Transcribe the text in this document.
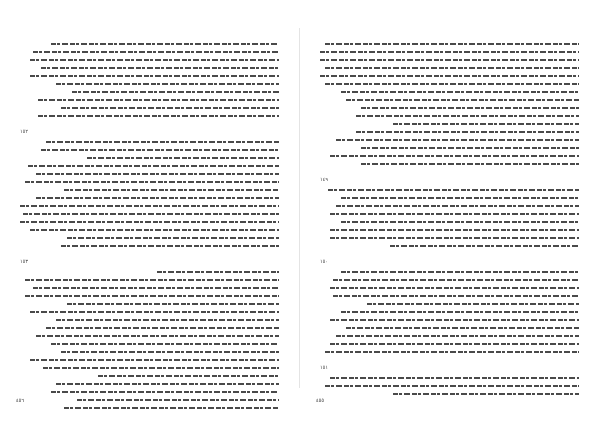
١٥٢
١٥٣
٤٥٦
١٤٩
١٥٠
١٥١
٤٥٥
